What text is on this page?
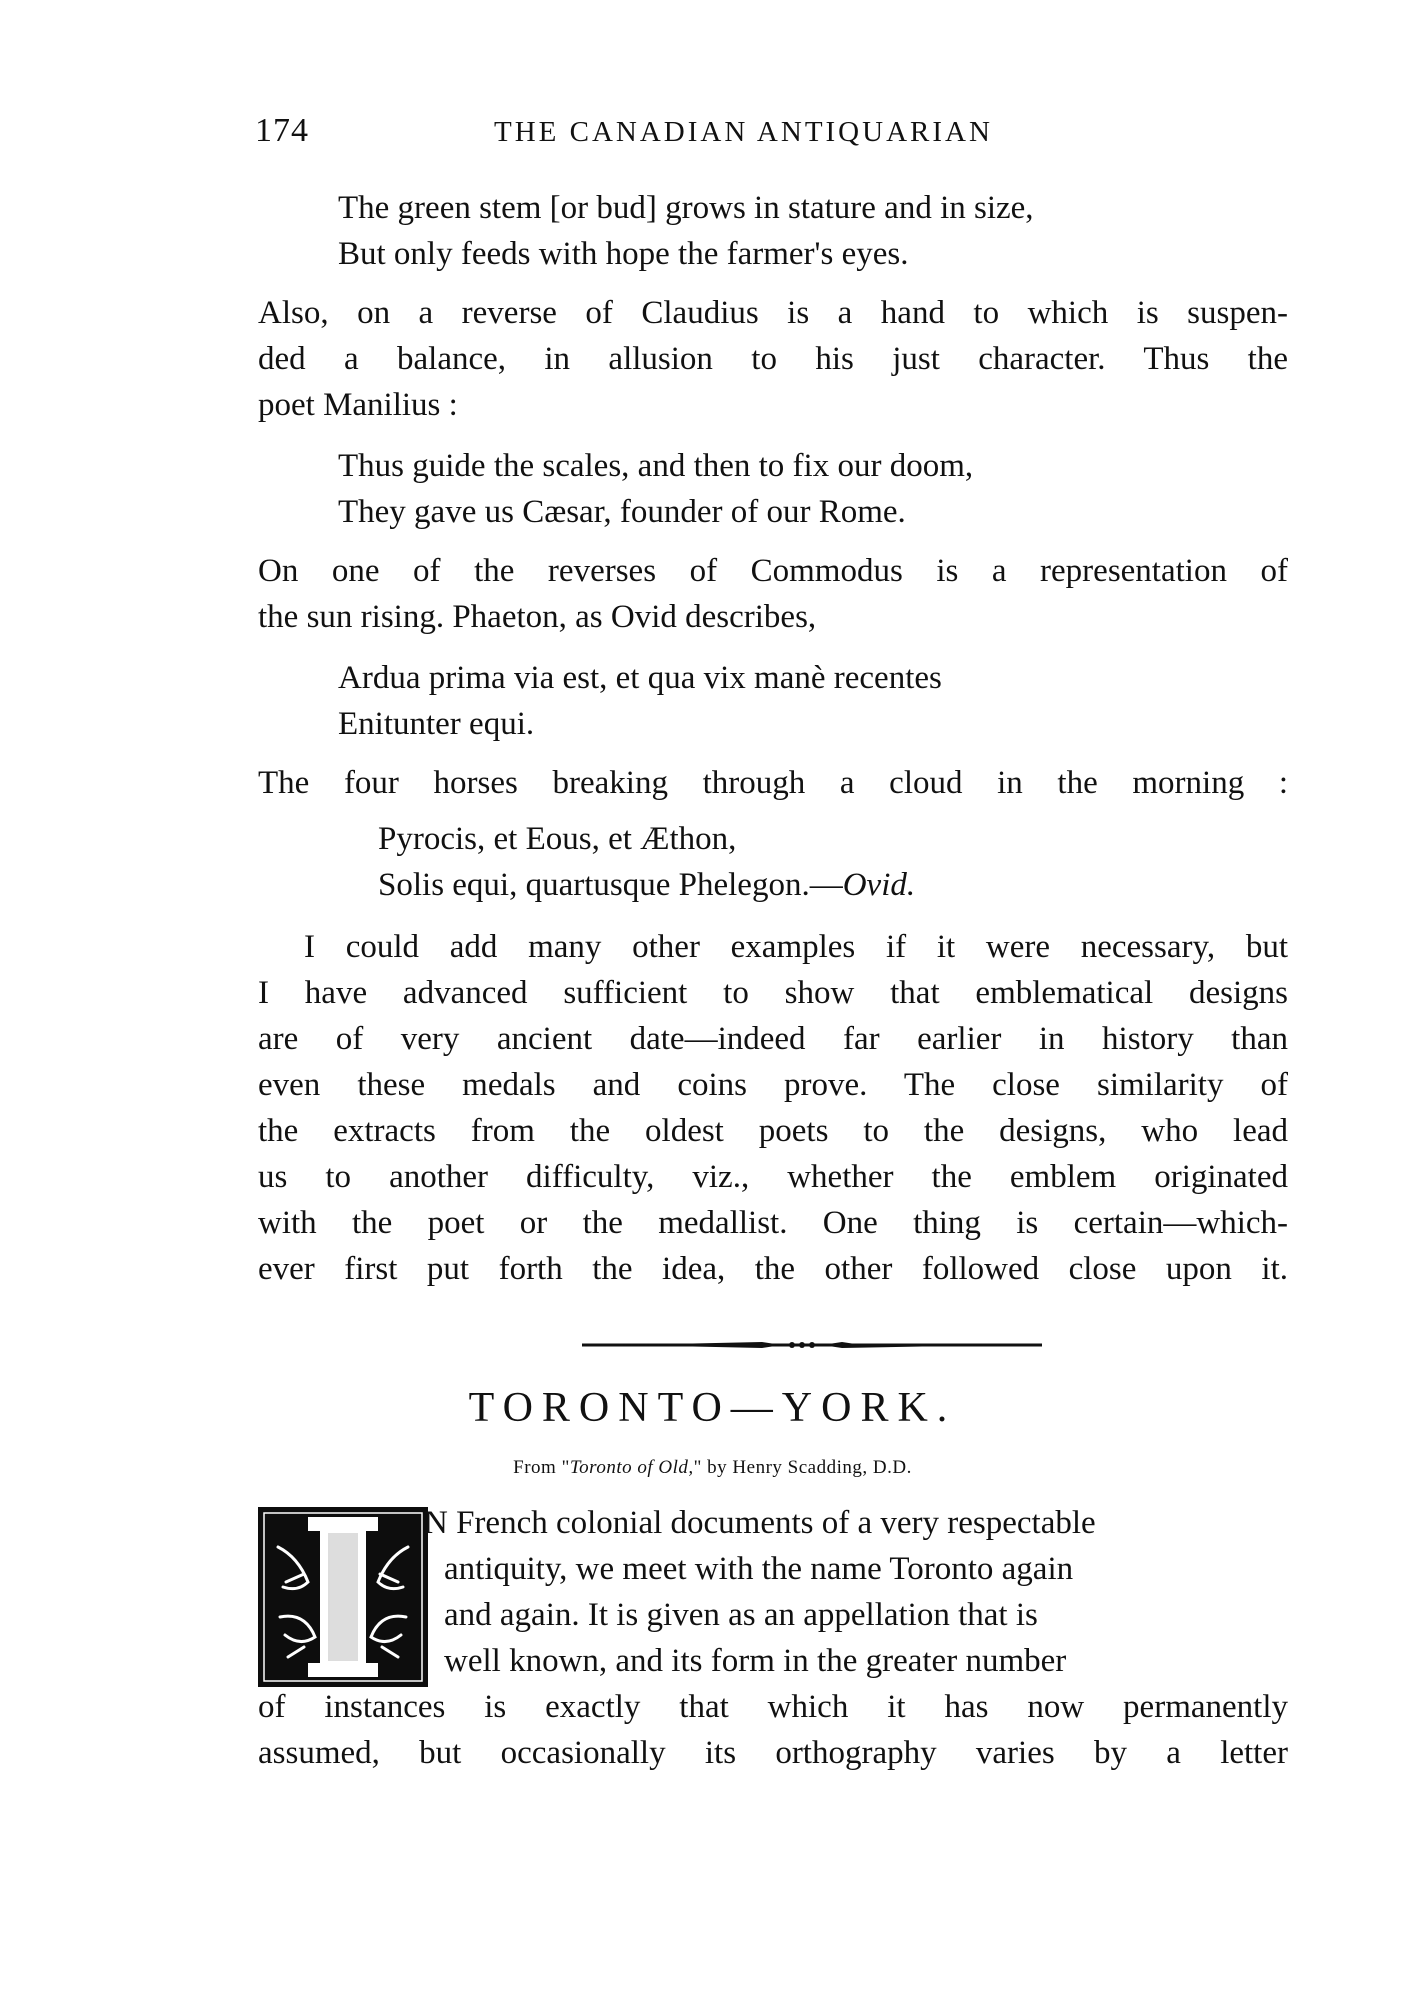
174	THE CANADIAN ANTIQUARIAN
The green stem [or bud] grows in stature and in size,
But only feeds with hope the farmer's eyes.
Also, on a reverse of Claudius is a hand to which is suspen-
ded a balance, in allusion to his just character. Thus the
poet Manilius :
Thus guide the scales, and then to fix our doom,
They gave us Cæsar, founder of our Rome.
On one of the reverses of Commodus is a representation of
the sun rising. Phaeton, as Ovid describes,
Ardua prima via est, et qua vix manè recentes
Enitunter equi.
The four horses breaking through a cloud in the morning :
Pyrocis, et Eous, et Æthon,
Solis equi, quartusque Phelegon.—Ovid.
I could add many other examples if it were necessary, but
I have advanced sufficient to show that emblematical designs
are of very ancient date—indeed far earlier in history than
even these medals and coins prove. The close similarity of
the extracts from the oldest poets to the designs, who lead
us to another difficulty, viz., whether the emblem originated
with the poet or the medallist. One thing is certain—which-
ever first put forth the idea, the other followed close upon it.
TORONTO—YORK.
From "Toronto of Old," by Henry Scadding, D.D.
N French colonial documents of a very respectable
antiquity, we meet with the name Toronto again
and again. It is given as an appellation that is
well known, and its form in the greater number
of instances is exactly that which it has now permanently
assumed, but occasionally its orthography varies by a letter
